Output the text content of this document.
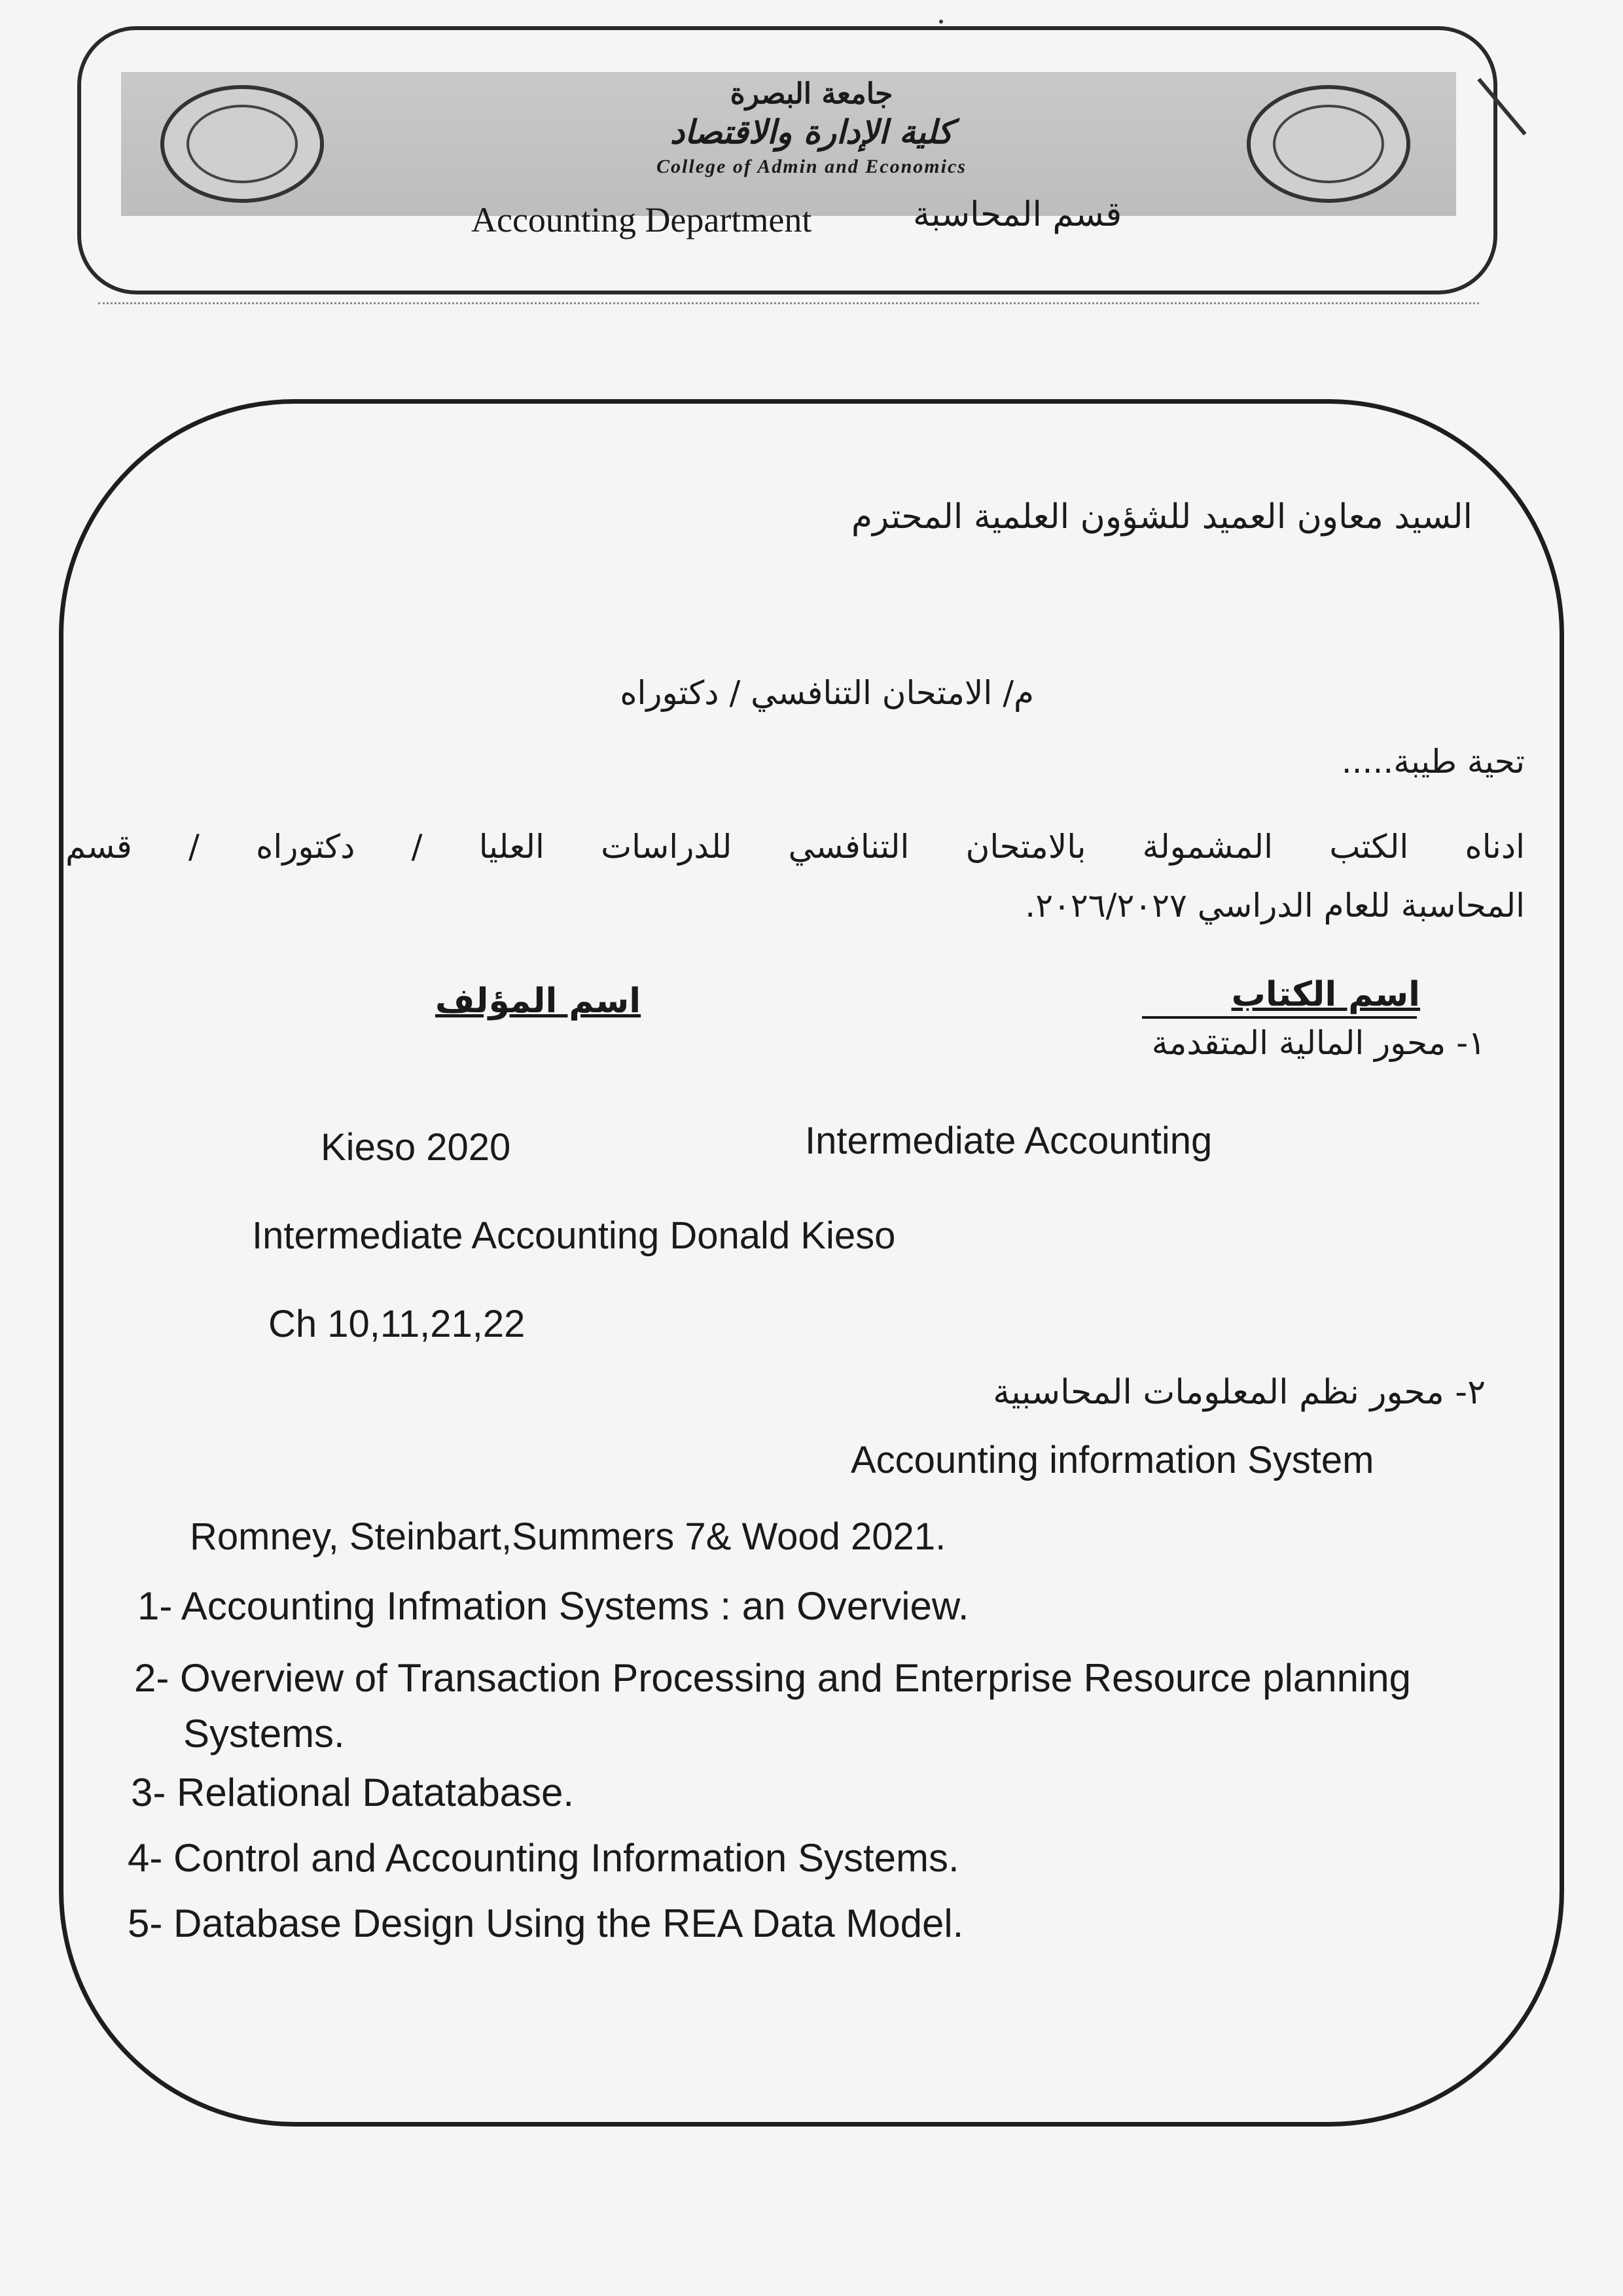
جامعة البصرة
كلية الإدارة والاقتصاد
College of Admin and Economics
Accounting Department	قسم المحاسبة
السيد معاون العميد للشؤون العلمية المحترم
م/ الامتحان التنافسي / دكتوراه
تحية طيبة.....
ادناه الكتب المشمولة بالامتحان التنافسي للدراسات العليا / دكتوراه / قسم
المحاسبة للعام الدراسي ٢٠٢٦/٢٠٢٧.
اسم الكتاب
اسم المؤلف
١- محور المالية المتقدمة
Kieso 2020	Intermediate Accounting
Intermediate Accounting Donald Kieso
Ch 10,11,21,22
٢- محور نظم المعلومات المحاسبية
Accounting information System
Romney, Steinbart,Summers 7& Wood 2021.
1- Accounting Infmation Systems : an Overview.
2- Overview of Transaction Processing and Enterprise Resource planning
Systems.
3- Relational Datatabase.
4- Control and Accounting Information Systems.
5- Database Design Using the REA Data Model.
